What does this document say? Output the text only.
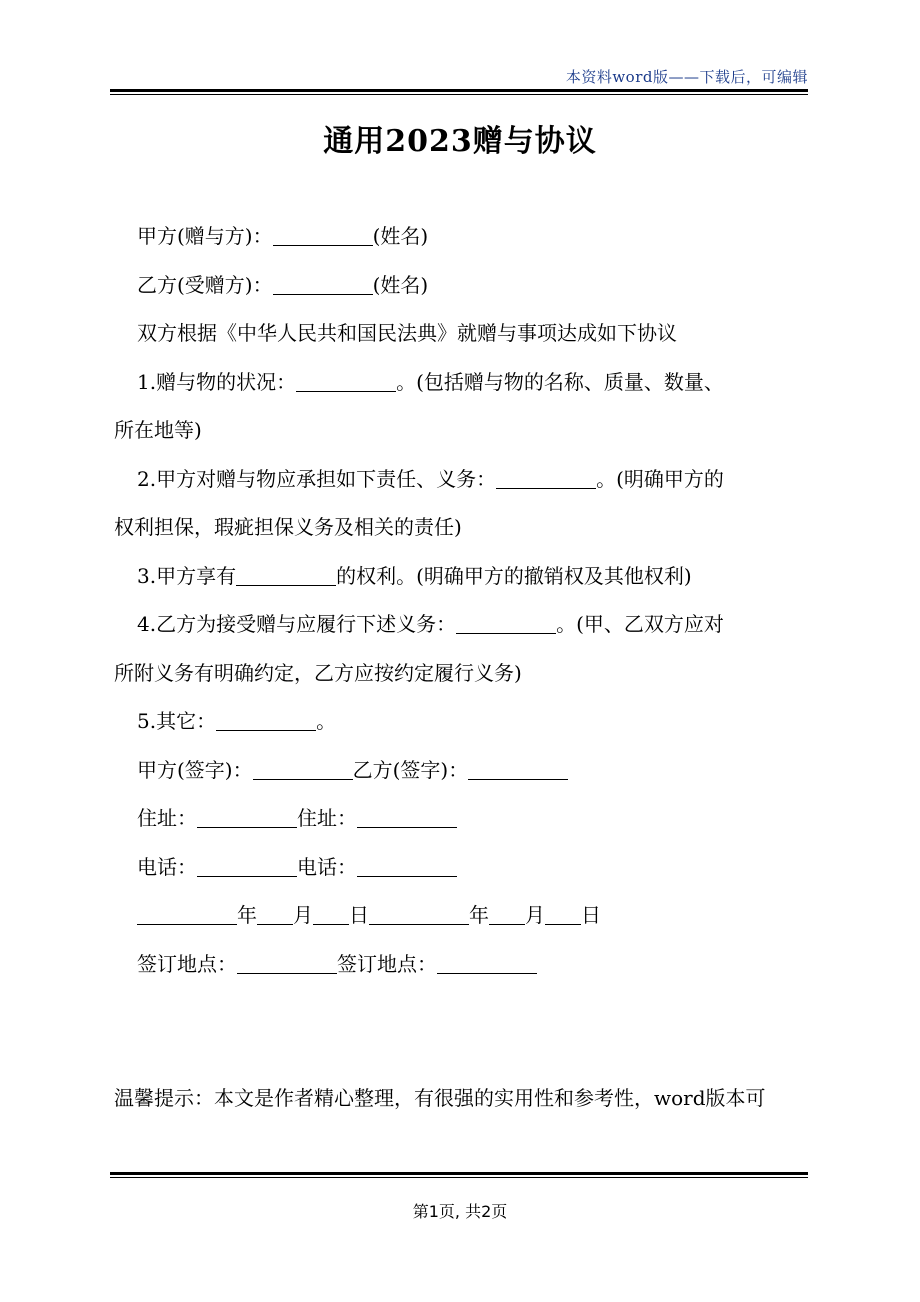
本资料word版——下载后，可编辑
通用2023赠与协议
甲方(赠与方)：	(姓名)
乙方(受赠方)：	(姓名)
双方根据《中华人民共和国民法典》就赠与事项达成如下协议
1.赠与物的状况：	。(包括赠与物的名称、质量、数量、
所在地等)
2.甲方对赠与物应承担如下责任、义务：	。(明确甲方的
权利担保，瑕疵担保义务及相关的责任)
3.甲方享有	的权利。(明确甲方的撤销权及其他权利)
4.乙方为接受赠与应履行下述义务：	。(甲、乙双方应对
所附义务有明确约定，乙方应按约定履行义务)
5.其它：	。
甲方(签字)：	乙方(签字)：
住址：	住址：
电话：	电话：
年 月 日	年 月 日
签订地点：	签订地点：
温馨提示：本文是作者精心整理，有很强的实用性和参考性，word版本可
第1页, 共2页
